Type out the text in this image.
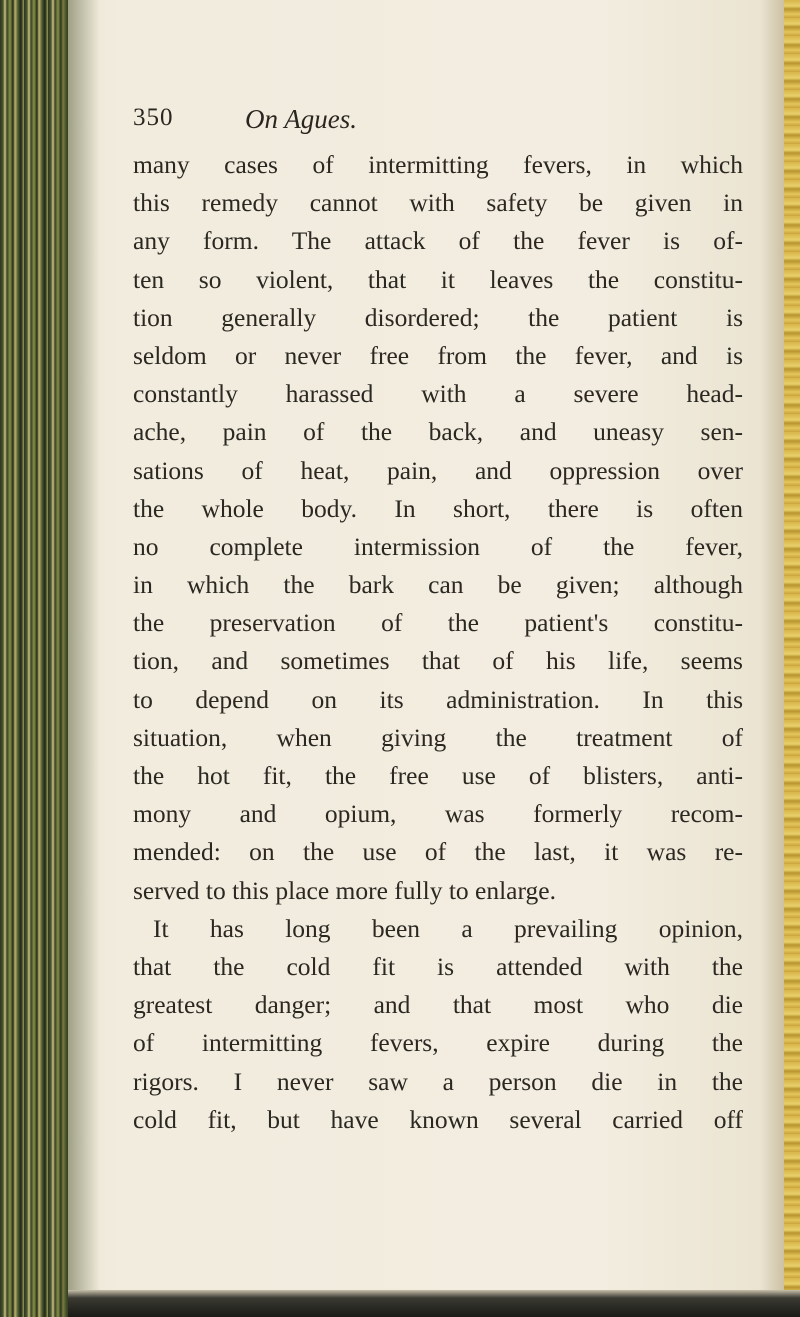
350	On Agues.
many cases of intermitting fevers, in which
this remedy cannot with safety be given in
any form. The attack of the fever is of-
ten so violent, that it leaves the constitu-
tion generally disordered; the patient is
seldom or never free from the fever, and is
constantly harassed with a severe head-
ache, pain of the back, and uneasy sen-
sations of heat, pain, and oppression over
the whole body. In short, there is often
no complete intermission of the fever,
in which the bark can be given; although
the preservation of the patient's constitu-
tion, and sometimes that of his life, seems
to depend on its administration. In this
situation, when giving the treatment of
the hot fit, the free use of blisters, anti-
mony and opium, was formerly recom-
mended: on the use of the last, it was re-
served to this place more fully to enlarge.
It has long been a prevailing opinion,
that the cold fit is attended with the
greatest danger; and that most who die
of intermitting fevers, expire during the
rigors. I never saw a person die in the
cold fit, but have known several carried off
